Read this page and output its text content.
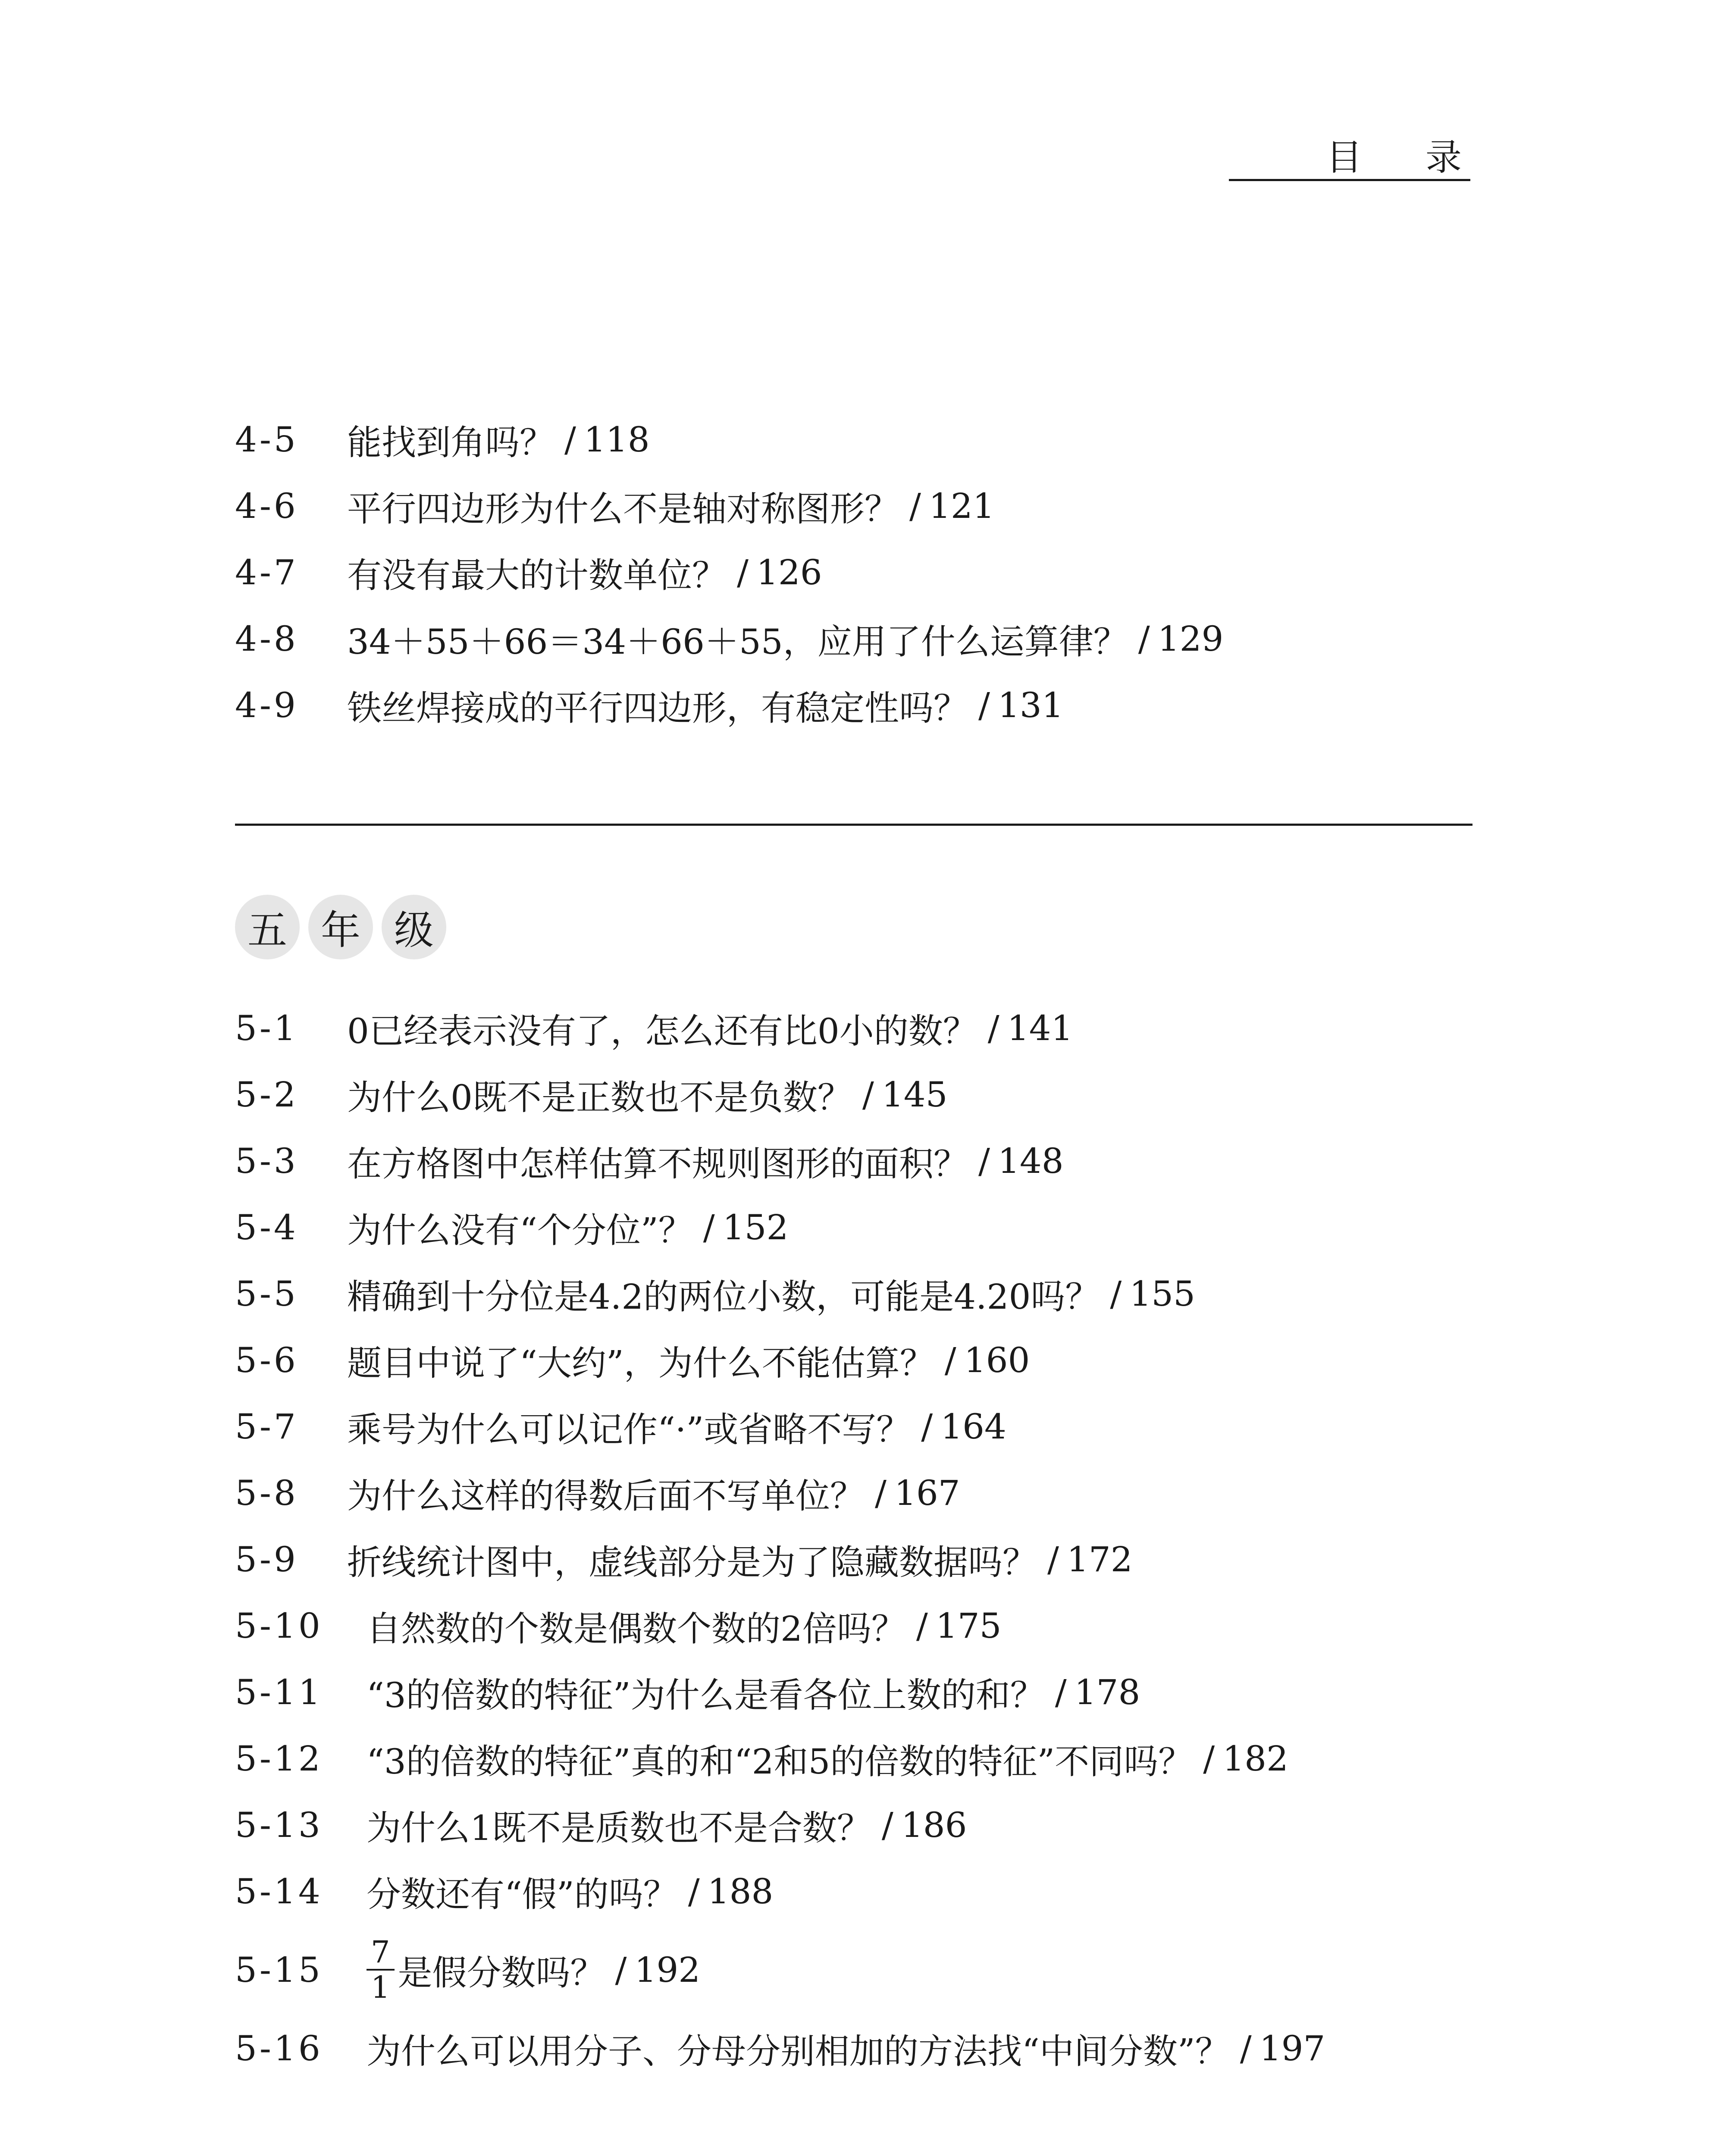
目 录
4-5	能找到角吗？ / 118
4-6	平行四边形为什么不是轴对称图形？ / 121
4-7	有没有最大的计数单位？ / 126
4-8	34＋55＋66＝34＋66＋55，应用了什么运算律？ / 129
4-9	铁丝焊接成的平行四边形，有稳定性吗？ / 131
五 年 级
5-1	0已经表示没有了，怎么还有比0小的数？ / 141
5-2	为什么0既不是正数也不是负数？ / 145
5-3	在方格图中怎样估算不规则图形的面积？ / 148
5-4	为什么没有“个分位”？ / 152
5-5	精确到十分位是4.2的两位小数，可能是4.20吗？ / 155
5-6	题目中说了“大约”，为什么不能估算？ / 160
5-7	乘号为什么可以记作“·”或省略不写？ / 164
5-8	为什么这样的得数后面不写单位？ / 167
5-9	折线统计图中，虚线部分是为了隐藏数据吗？ / 172
5-10	自然数的个数是偶数个数的2倍吗？ / 175
5-11	“3的倍数的特征”为什么是看各位上数的和？ / 178
5-12	“3的倍数的特征”真的和“2和5的倍数的特征”不同吗？ / 182
5-13	为什么1既不是质数也不是合数？ / 186
5-14	分数还有“假”的吗？ / 188
5-15	$\frac{7}{1}$ 是假分数吗？ / 192
5-16	为什么可以用分子、分母分别相加的方法找“中间分数”？ / 197
